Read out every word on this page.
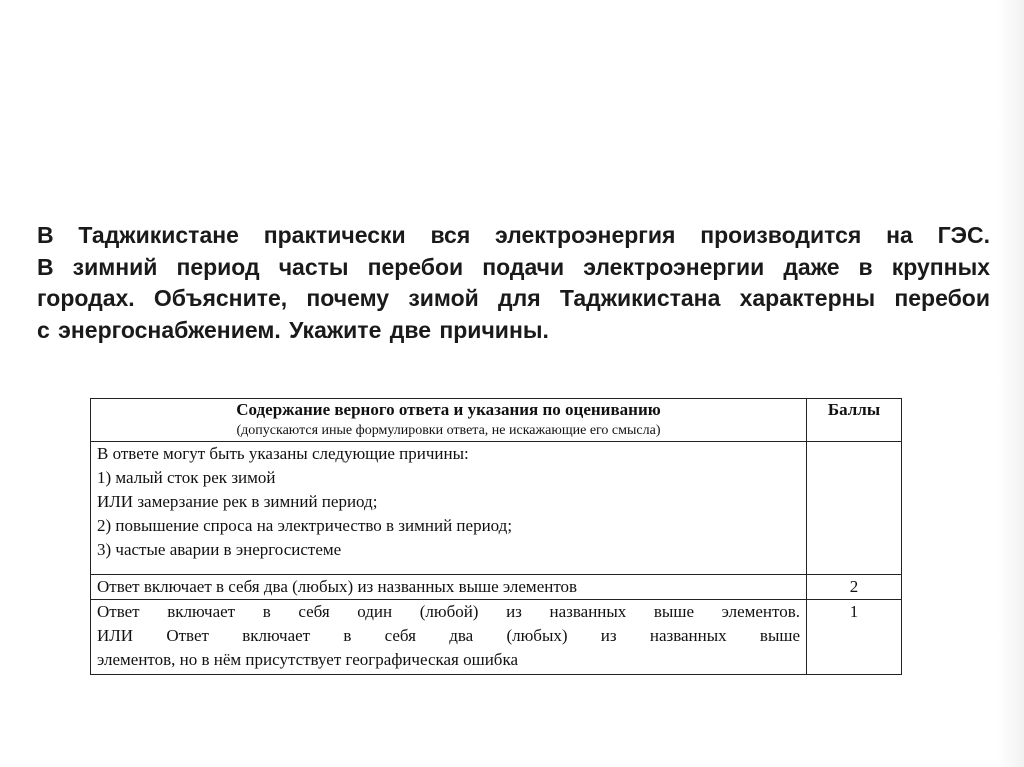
В Таджикистане практически вся электроэнергия производится на ГЭС.
В зимний период часты перебои подачи электроэнергии даже в крупных
городах. Объясните, почему зимой для Таджикистана характерны перебои
с энергоснабжением. Укажите две причины.
Содержание верного ответа и указания по оцениванию
(допускаются иные формулировки ответа, не искажающие его смысла)	Баллы

В ответе могут быть указаны следующие причины:
1) малый сток рек зимой
ИЛИ замерзание рек в зимний период;
2) повышение спроса на электричество в зимний период;
3) частые аварии в энергосистеме	

Ответ включает в себя два (любых) из названных выше элементов	2

Ответ включает в себя один (любой) из названных выше элементов.
ИЛИ Ответ включает в себя два (любых) из названных выше
элементов, но в нём присутствует географическая ошибка	1
